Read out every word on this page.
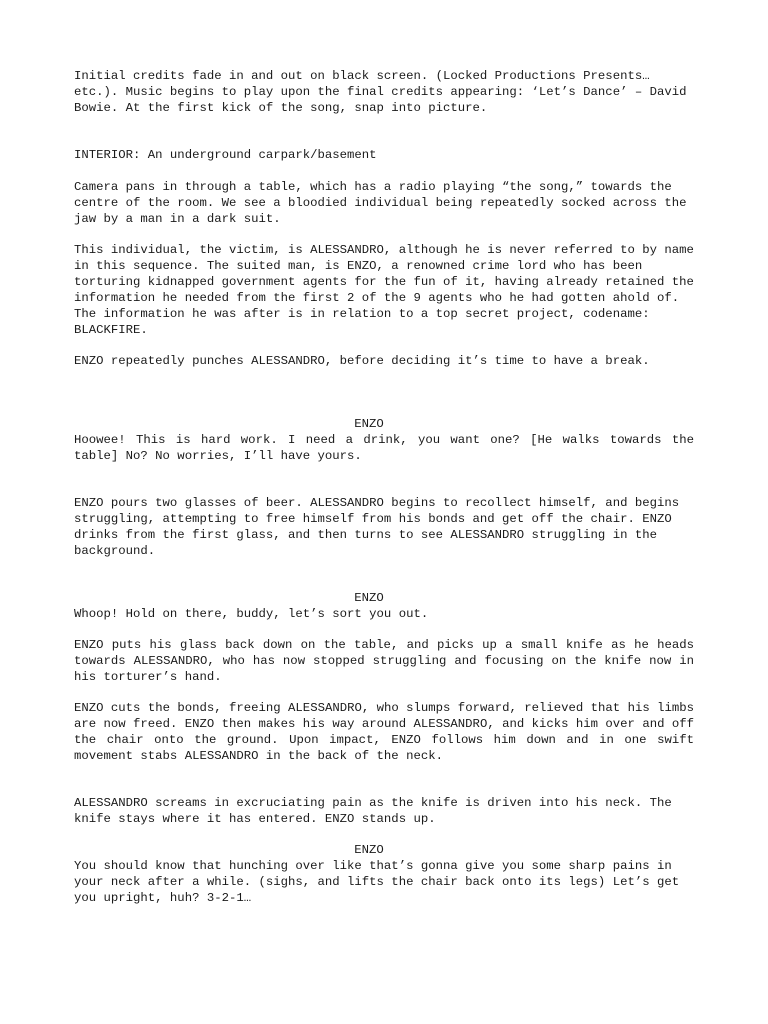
Initial credits fade in and out on black screen. (Locked Productions Presents… etc.). Music begins to play upon the final credits appearing: ‘Let’s Dance’ – David Bowie. At the first kick of the song, snap into picture.

INTERIOR: An underground carpark/basement

Camera pans in through a table, which has a radio playing “the song,” towards the centre of the room. We see a bloodied individual being repeatedly socked across the jaw by a man in a dark suit.

This individual, the victim, is ALESSANDRO, although he is never referred to by name in this sequence. The suited man, is ENZO, a renowned crime lord who has been torturing kidnapped government agents for the fun of it, having already retained the information he needed from the first 2 of the 9 agents who he had gotten ahold of. The information he was after is in relation to a top secret project, codename: BLACKFIRE.

ENZO repeatedly punches ALESSANDRO, before deciding it’s time to have a break.

ENZO

Hoowee! This is hard work. I need a drink, you want one? [He walks towards the table] No? No worries, I’ll have yours.

ENZO pours two glasses of beer. ALESSANDRO begins to recollect himself, and begins struggling, attempting to free himself from his bonds and get off the chair. ENZO drinks from the first glass, and then turns to see ALESSANDRO struggling in the background.

ENZO

Whoop! Hold on there, buddy, let’s sort you out.

ENZO puts his glass back down on the table, and picks up a small knife as he heads towards ALESSANDRO, who has now stopped struggling and focusing on the knife now in his torturer’s hand.

ENZO cuts the bonds, freeing ALESSANDRO, who slumps forward, relieved that his limbs are now freed. ENZO then makes his way around ALESSANDRO, and kicks him over and off the chair onto the ground. Upon impact, ENZO follows him down and in one swift movement stabs ALESSANDRO in the back of the neck.

ALESSANDRO screams in excruciating pain as the knife is driven into his neck. The knife stays where it has entered. ENZO stands up.

ENZO

You should know that hunching over like that’s gonna give you some sharp pains in your neck after a while. (sighs, and lifts the chair back onto its legs) Let’s get you upright, huh? 3-2-1…
